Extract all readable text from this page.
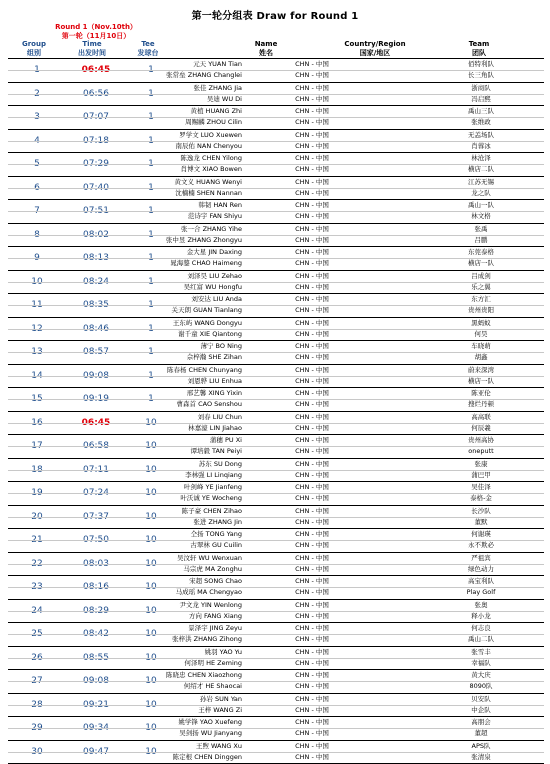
第一轮分组表 Draw for Round 1
Round 1（Nov.10th）
第一轮（11月10日）
Group
组别
Time
出发时间
Tee
发球台
Name
姓名
Country/Region
国家/地区
Team
团队
1	06:45	1
元天 YUAN Tian	CHN - 中国	佰特利队
张常垒 ZHANG Changlei	CHN - 中国	长三角队
2	06:56	1
张佳 ZHANG Jia	CHN - 中国	浙商队
吴迪 WU Di	CHN - 中国	冯启熙
3	07:07	1
黄植 HUANG Zhi	CHN - 中国	禹山三队
周赐麟 ZHOU Cilin	CHN - 中国	张维政
4	07:18	1
罗学文 LUO Xuewen	CHN - 中国	无恙场队
南辰佑 NAN Chenyou	CHN - 中国	肖蓉冰
5	07:29	1
陈逸龙 CHEN Yilong	CHN - 中国	林沧泽
肖博文 XIAO Bowen	CHN - 中国	横店二队
6	07:40	1
黄文义 HUANG Wenyi	CHN - 中国	江苏无锡
沈楠楠 SHEN Nannan	CHN - 中国	龙之队
7	07:51	1
韩韧 HAN Ren	CHN - 中国	禹山一队
范诗宇 FAN Shiyu	CHN - 中国	林文格
8	08:02	1
张一合 ZHANG Yihe	CHN - 中国	张禹
张中昱 ZHANG Zhongyu	CHN - 中国	吕鹏
9	08:13	1
金大星 JIN Daxing	CHN - 中国	东莞泰格
晁海鏊 CHAO Haimeng	CHN - 中国	横店一队
10	08:24	1
刘泽昊 LIU Zehao	CHN - 中国	吕成剑
吴红富 WU Hongfu	CHN - 中国	乐之翼
11	08:35	1
刘安达 LIU Anda	CHN - 中国	东方汇
关天朗 GUAN Tianlang	CHN - 中国	贵州贵阳
12	08:46	1
王东屿 WANG Dongyu	CHN - 中国	黑蚂蚁
谢千童 XIE Qiantong	CHN - 中国	何昊
13	08:57	1
薄宁 BO Ning	CHN - 中国	车晓萌
佘梓瀚 SHE Zihan	CHN - 中国	胡鑫
14	09:08	1
陈春杨 CHEN Chunyang	CHN - 中国	蔚来深湾
刘恩骅 LIU Enhua	CHN - 中国	横店一队
15	09:19	1
邢艺馨 XING Yixin	CHN - 中国	陈亚伦
曹森首 CAO Senshou	CHN - 中国	搜烂丹顿
16	06:45	10
刘春 LIU Chun	CHN - 中国	高高联
林嘉濠 LIN Jiahao	CHN - 中国	何辰羲
17	06:58	10
蒲穗 PU Xi	CHN - 中国	贵州高协
谭培毅 TAN Peiyi	CHN - 中国	oneputt
18	07:11	10
苏东 SU Dong	CHN - 中国	张康
李林强 LI Linqiang	CHN - 中国	蒲巴甲
19	07:24	10
叶剑峰 YE Jianfeng	CHN - 中国	吴佳泽
叶沃诚 YE Wocheng	CHN - 中国	泰格-金
20	07:37	10
陈子豪 CHEN Zihao	CHN - 中国	长沙队
张进 ZHANG Jin	CHN - 中国	董默
21	07:50	10
仝扬 TONG Yang	CHN - 中国	何谢瑛
古翠林 GU Cuilin	CHN - 中国	永不欺必
22	08:03	10
吴汶轩 WU Wenxuan	CHN - 中国	严祖宾
马宗虎 MA Zonghu	CHN - 中国	绿色动力
23	08:16	10
宋超 SONG Chao	CHN - 中国	高宝利队
马成瑶 MA Chengyao	CHN - 中国	Play Golf
24	08:29	10
尹文龙 YIN Wenlong	CHN - 中国	张奥
方向 FANG Xiang	CHN - 中国	释小龙
25	08:42	10
景泽宇 JING Zeyu	CHN - 中国	何志良
张梓洪 ZHANG Zihong	CHN - 中国	禹山二队
26	08:55	10
姚羽 YAO Yu	CHN - 中国	张雪丰
何泽明 HE Zeming	CHN - 中国	幸福队
27	09:08	10
陈晓忠 CHEN Xiaozhong	CHN - 中国	黄大庆
何绍才 HE Shaocai	CHN - 中国	8090队
28	09:21	10
孙岩 SUN Yan	CHN - 中国	贝安队
王梓 WANG Zi	CHN - 中国	中企队
29	09:34	10
姚学锋 YAO Xuefeng	CHN - 中国	高朋会
吴剑扬 WU Jianyang	CHN - 中国	董超
30	09:47	10
王煦 WANG Xu	CHN - 中国	APS队
陈定根 CHEN Dinggen	CHN - 中国	张清泉
